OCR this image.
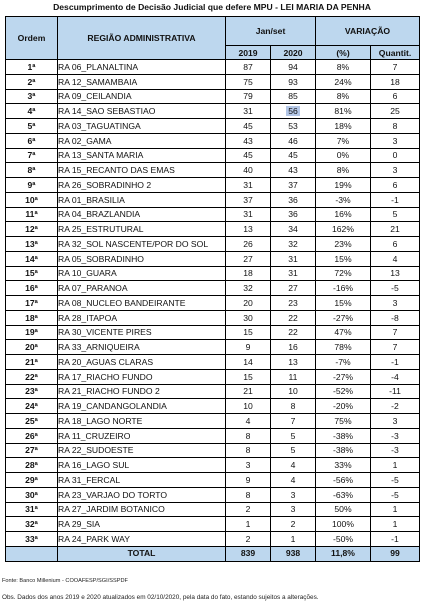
Descumprimento de Decisão Judicial que defere MPU - LEI MARIA DA PENHA
Ordem	REGIÃO ADMINISTRATIVA	Jan/set		VARIAÇÃO	
		2019	2020	(%)	Quantit.
1ª	RA 06_PLANALTINA	87	94	8%	7
2ª	RA 12_SAMAMBAIA	75	93	24%	18
3ª	RA 09_CEILANDIA	79	85	8%	6
4ª	RA 14_SAO SEBASTIAO	31	56	81%	25
5ª	RA 03_TAGUATINGA	45	53	18%	8
6ª	RA 02_GAMA	43	46	7%	3
7ª	RA 13_SANTA MARIA	45	45	0%	0
8ª	RA 15_RECANTO DAS EMAS	40	43	8%	3
9ª	RA 26_SOBRADINHO 2	31	37	19%	6
10ª	RA 01_BRASILIA	37	36	-3%	-1
11ª	RA 04_BRAZLANDIA	31	36	16%	5
12ª	RA 25_ESTRUTURAL	13	34	162%	21
13ª	RA 32_SOL NASCENTE/POR DO SOL	26	32	23%	6
14ª	RA 05_SOBRADINHO	27	31	15%	4
15ª	RA 10_GUARA	18	31	72%	13
16ª	RA 07_PARANOA	32	27	-16%	-5
17ª	RA 08_NUCLEO BANDEIRANTE	20	23	15%	3
18ª	RA 28_ITAPOA	30	22	-27%	-8
19ª	RA 30_VICENTE PIRES	15	22	47%	7
20ª	RA 33_ARNIQUEIRA	9	16	78%	7
21ª	RA 20_AGUAS CLARAS	14	13	-7%	-1
22ª	RA 17_RIACHO FUNDO	15	11	-27%	-4
23ª	RA 21_RIACHO FUNDO 2	21	10	-52%	-11
24ª	RA 19_CANDANGOLANDIA	10	8	-20%	-2
25ª	RA 18_LAGO NORTE	4	7	75%	3
26ª	RA 11_CRUZEIRO	8	5	-38%	-3
27ª	RA 22_SUDOESTE	8	5	-38%	-3
28ª	RA 16_LAGO SUL	3	4	33%	1
29ª	RA 31_FERCAL	9	4	-56%	-5
30ª	RA 23_VARJAO DO TORTO	8	3	-63%	-5
31ª	RA 27_JARDIM BOTANICO	2	3	50%	1
32ª	RA 29_SIA	1	2	100%	1
33ª	RA 24_PARK WAY	2	1	-50%	-1
	TOTAL	839	938	11,8%	99
Fonte: Banco Millenium - COOAFESP/SGI/SSPDF
Obs. Dados dos anos 2019 e 2020 atualizados em 02/10/2020, pela data do fato, estando sujeitos a alterações.
